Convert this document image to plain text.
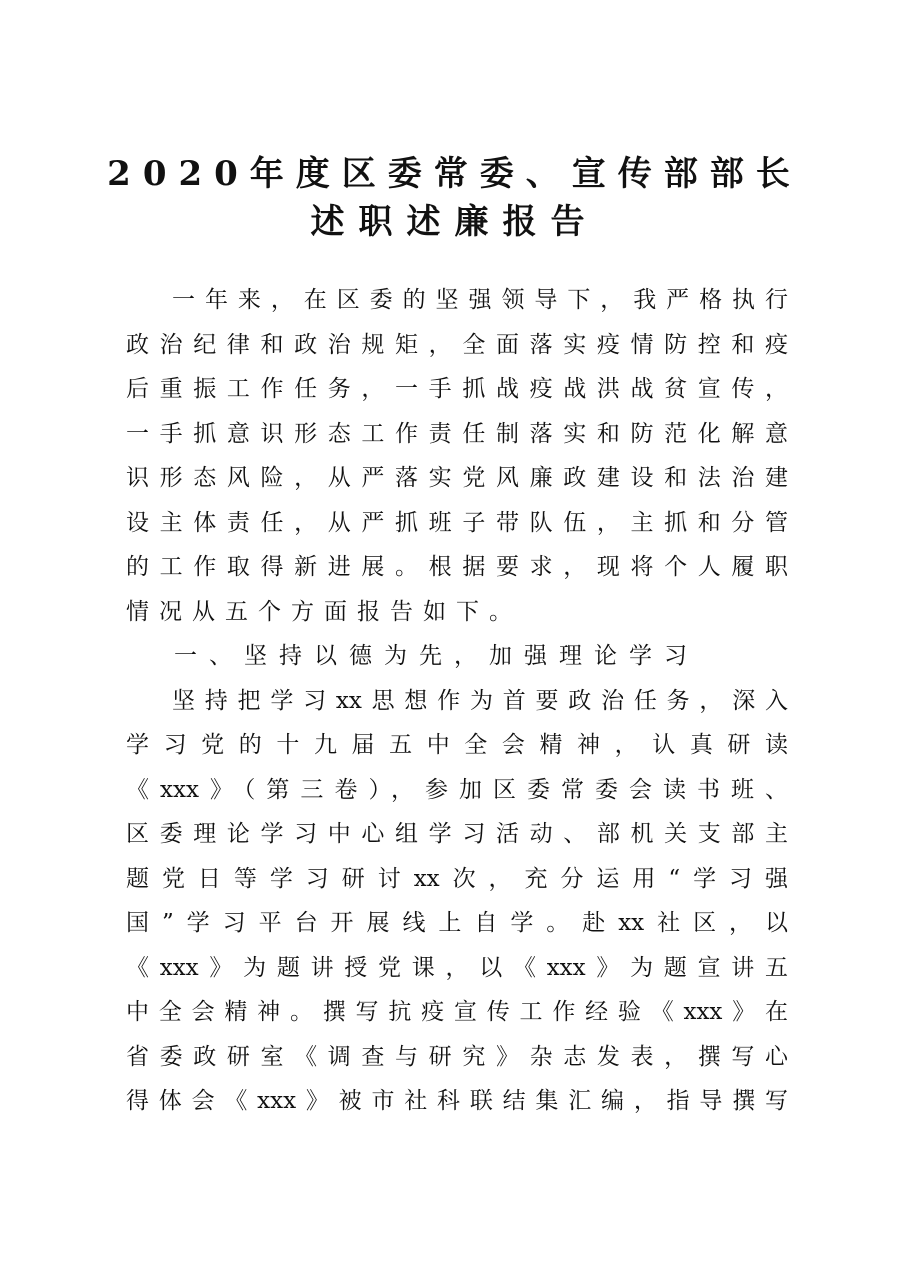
2020年度区委常委、宣传部部长
述职述廉报告
一年来，在区委的坚强领导下，我严格执行
政治纪律和政治规矩，全面落实疫情防控和疫
后重振工作任务，一手抓战疫战洪战贫宣传，
一手抓意识形态工作责任制落实和防范化解意
识形态风险，从严落实党风廉政建设和法治建
设主体责任，从严抓班子带队伍，主抓和分管
的工作取得新进展。根据要求，现将个人履职
情况从五个方面报告如下。
一、坚持以德为先，加强理论学习
坚持把学习xx思想作为首要政治任务，深入
学习党的十九届五中全会精神，认真研读
《xxx》（第三卷），参加区委常委会读书班、
区委理论学习中心组学习活动、部机关支部主
题党日等学习研讨xx次，充分运用“学习强
国”学习平台开展线上自学。赴xx社区，以
《xxx》为题讲授党课，以《xxx》为题宣讲五
中全会精神。撰写抗疫宣传工作经验《xxx》在
省委政研室《调查与研究》杂志发表，撰写心
得体会《xxx》被市社科联结集汇编，指导撰写
